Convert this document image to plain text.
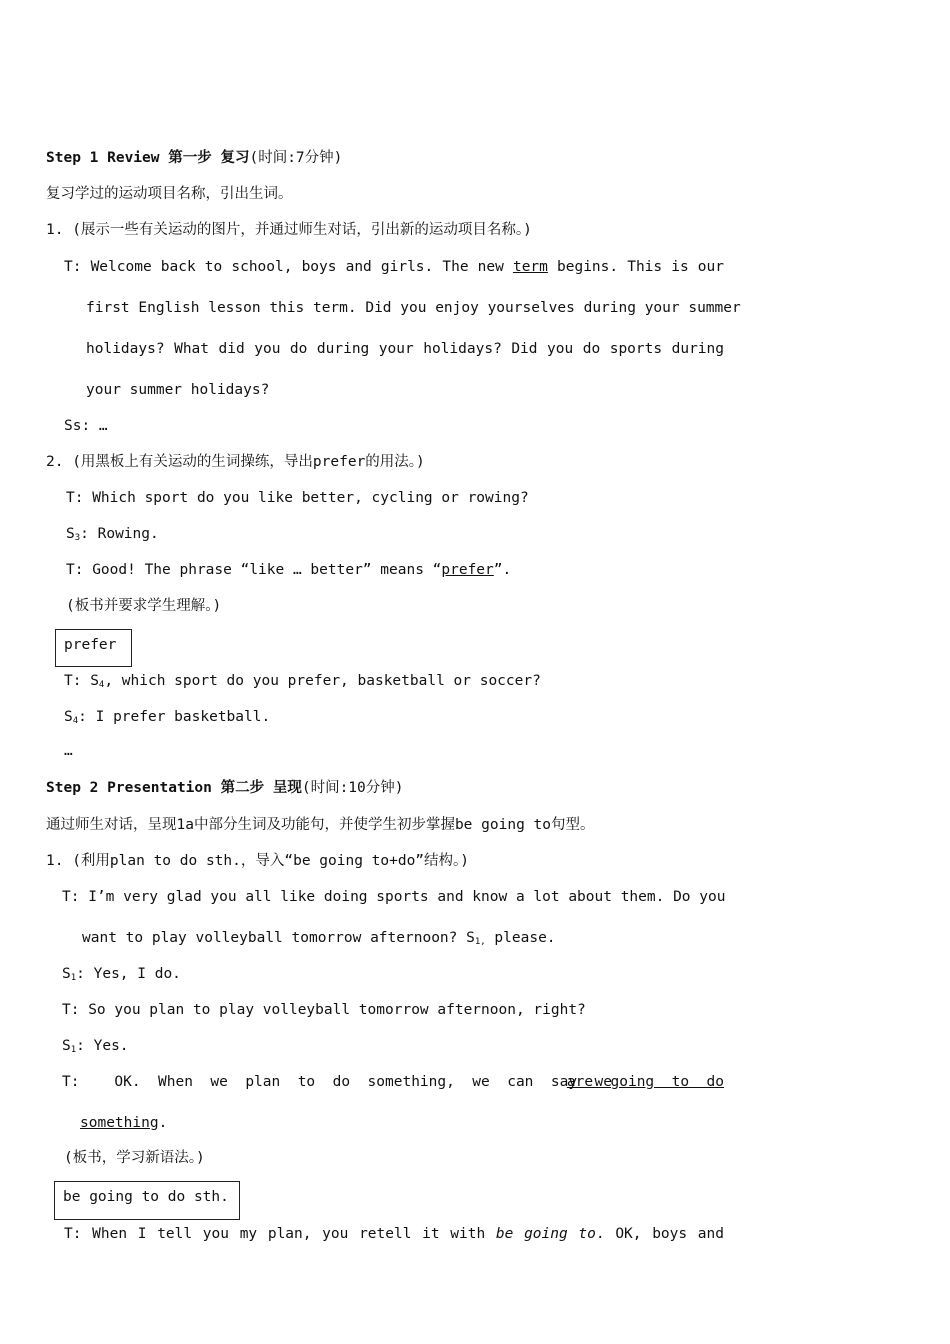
Step 1 Review 第一步 复习(时间:7分钟)
复习学过的运动项目名称，引出生词。
1. (展示一些有关运动的图片，并通过师生对话，引出新的运动项目名称。)
T: Welcome back to school, boys and girls. The new term begins. This is our
first English lesson this term. Did you enjoy yourselves during your summer
holidays? What did you do during your holidays? Did you do sports during
your summer holidays?
Ss: …
2. (用黑板上有关运动的生词操练，导出prefer的用法。)
T: Which sport do you like better, cycling or rowing?
$S_3$: Rowing.
T: Good! The phrase “like … better” means “prefer”.
(板书并要求学生理解。)
prefer
T: $S_4$, which sport do you prefer, basketball or soccer?
$S_4$: I prefer basketball.
…
Step 2 Presentation 第二步 呈现(时间:10分钟)
通过师生对话，呈现1a中部分生词及功能句，并使学生初步掌握be going to句型。
1. (利用plan to do sth.，导入“be going to+do”结构。)
T: I’m very glad you all like doing sports and know a lot about them. Do you
want to play volleyball tomorrow afternoon? $S_{1,}$ please.
$S_1$: Yes, I do.
T: So you plan to play volleyball tomorrow afternoon, right?
$S_1$: Yes.
T:    OK.  When  we  plan  to  do  something,  we  can  say  we
are  going  to  do
something.
(板书，学习新语法。)
be going to do sth.
T: When I tell you my plan, you retell it with be going to. OK, boys and
